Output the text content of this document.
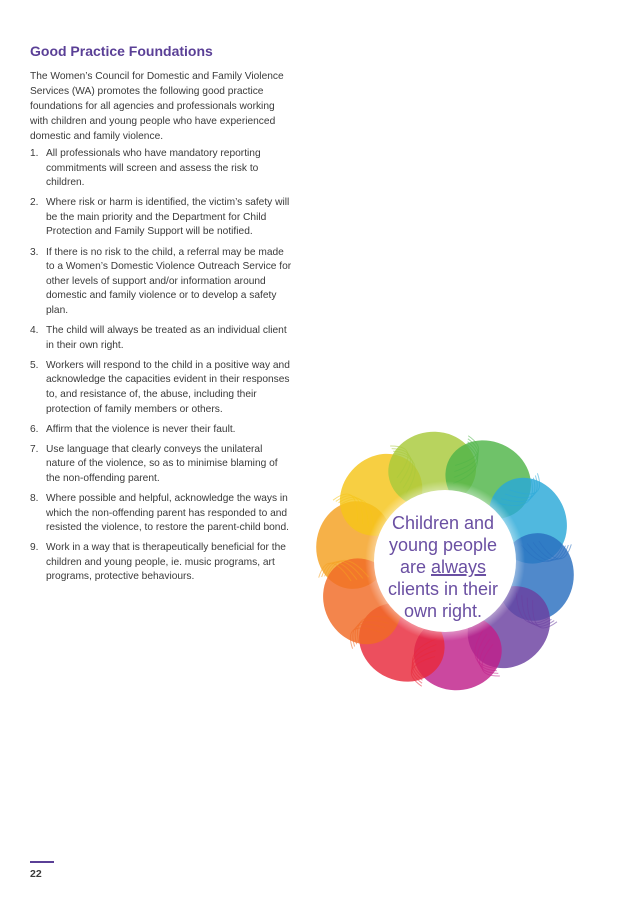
Good Practice Foundations

The Women’s Council for Domestic and Family Violence Services (WA) promotes the following good practice foundations for all agencies and professionals working with children and young people who have experienced domestic and family violence.

1. All professionals who have mandatory reporting commitments will screen and assess the risk to children.
2. Where risk or harm is identified, the victim’s safety will be the main priority and the Department for Child Protection and Family Support will be notified.
3. If there is no risk to the child, a referral may be made to a Women’s Domestic Violence Outreach Service for other levels of support and/or information around domestic and family violence or to develop a safety plan.
4. The child will always be treated as an individual client in their own right.
5. Workers will respond to the child in a positive way and acknowledge the capacities evident in their responses to, and resistance of, the abuse, including their protection of family members or others.
6. Affirm that the violence is never their fault.
7. Use language that clearly conveys the unilateral nature of the violence, so as to minimise blaming of the non-offending parent.
8. Where possible and helpful, acknowledge the ways in which the non-offending parent has responded to and resisted the violence, to restore the parent-child bond.
9. Work in a way that is therapeutically beneficial for the children and young people, ie. music programs, art programs, protective behaviours.
Children and
young people
are always
clients in their
own right.
22
